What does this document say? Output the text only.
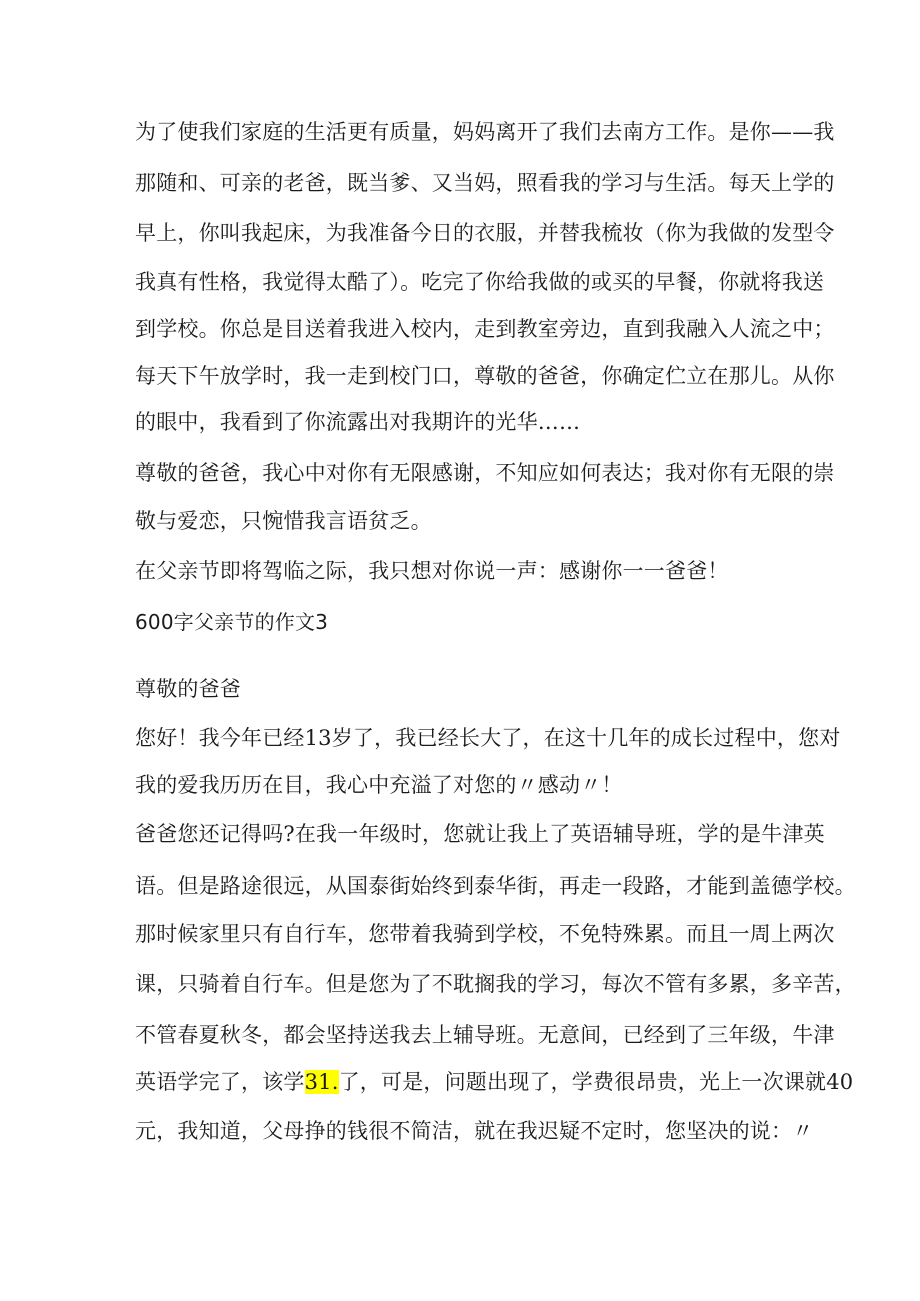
为了使我们家庭的生活更有质量，妈妈离开了我们去南方工作。是你——我
那随和、可亲的老爸，既当爹、又当妈，照看我的学习与生活。每天上学的
早上，你叫我起床，为我准备今日的衣服，并替我梳妆（你为我做的发型令
我真有性格，我觉得太酷了）。吃完了你给我做的或买的早餐，你就将我送
到学校。你总是目送着我进入校内，走到教室旁边，直到我融入人流之中；
每天下午放学时，我一走到校门口，尊敬的爸爸，你确定伫立在那儿。从你
的眼中，我看到了你流露出对我期许的光华……
尊敬的爸爸，我心中对你有无限感谢，不知应如何表达；我对你有无限的崇
敬与爱恋，只惋惜我言语贫乏。
在父亲节即将驾临之际，我只想对你说一声：感谢你一一爸爸！
600字父亲节的作文3
尊敬的爸爸
您好！我今年已经13岁了，我已经长大了，在这十几年的成长过程中，您对
我的爱我历历在目，我心中充溢了对您的〃感动〃！
爸爸您还记得吗?在我一年级时，您就让我上了英语辅导班，学的是牛津英
语。但是路途很远，从国泰街始终到泰华街，再走一段路，才能到盖德学校。
那时候家里只有自行车，您带着我骑到学校，不免特殊累。而且一周上两次
课，只骑着自行车。但是您为了不耽搁我的学习，每次不管有多累，多辛苦，
不管春夏秋冬，都会坚持送我去上辅导班。无意间，已经到了三年级，牛津
英语学完了，该学31.了，可是，问题出现了，学费很昂贵，光上一次课就40
元，我知道，父母挣的钱很不简洁，就在我迟疑不定时，您坚决的说：〃
